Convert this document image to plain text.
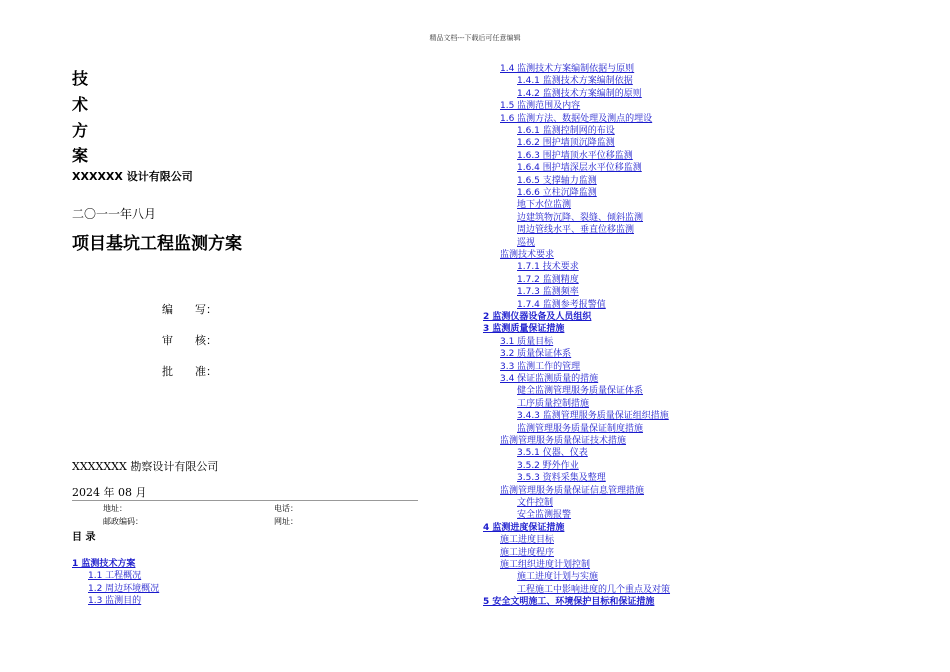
精品文档---下载后可任意编辑
技
术
方
案
XXXXXX 设计有限公司
二〇一一年八月
项目基坑工程监测方案
编　　写：
审　　核：
批　　准：
XXXXXXX 勘察设计有限公司
2024 年 08 月
地址：	电话：
邮政编码：	网址：
目 录
1 监测技术方案
1.1 工程概况
1.2 周边环境概况
1.3 监测目的
1.4 监测技术方案编制依据与原则
1.4.1 监测技术方案编制依据
1.4.2 监测技术方案编制的原则
1.5 监测范围及内容
1.6 监测方法、数据处理及测点的埋设
1.6.1 监测控制网的布设
1.6.2 围护墙顶沉降监测
1.6.3 围护墙顶水平位移监测
1.6.4 围护墙深层水平位移监测
1.6.5 支撑轴力监测
1.6.6 立柱沉降监测
地下水位监测
边建筑物沉降、裂缝、倾斜监测
周边管线水平、垂直位移监测
巡视
监测技术要求
1.7.1 技术要求
1.7.2 监测精度
1.7.3 监测频率
1.7.4 监测参考报警值
2 监测仪器设备及人员组织
3 监测质量保证措施
3.1 质量目标
3.2 质量保证体系
3.3 监测工作的管理
3.4 保证监测质量的措施
健全监测管理服务质量保证体系
工序质量控制措施
3.4.3 监测管理服务质量保证组织措施
监测管理服务质量保证制度措施
监测管理服务质量保证技术措施
3.5.1 仪器、仪表
3.5.2 野外作业
3.5.3 资料采集及整理
监测管理服务质量保证信息管理措施
文件控制
安全监测报警
4 监测进度保证措施
施工进度目标
施工进度程序
施工组织进度计划控制
施工进度计划与实施
工程施工中影响进度的几个重点及对策
5 安全文明施工、环境保护目标和保证措施
